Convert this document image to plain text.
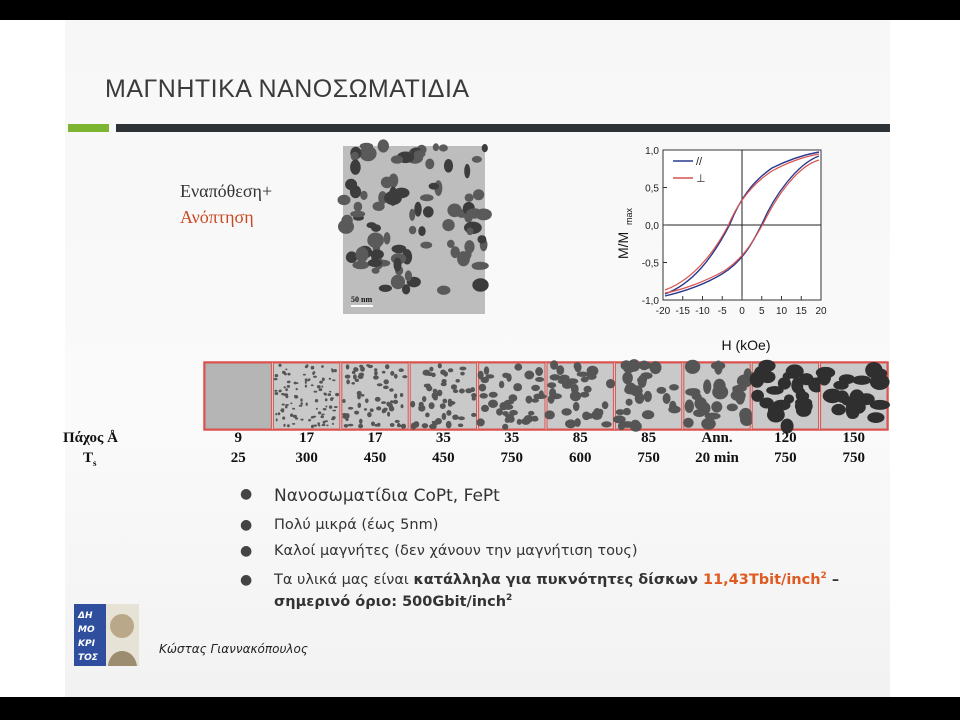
ΜΑΓΝΗΤΙΚΑ ΝΑΝΟΣΩΜΑΤΙΔΙΑ
Εναπόθεση+
Ανόπτηση
50 nm
1,0
0,5
0,0
-0,5
-1,0
-20 -15 -10 -5 0 5 10 15 20
//
⊥
H (kOe)
M/M
max
Πάχος Å
$T_s$
9
25
17
300
17
450
35
450
35
750
85
600
85
750
Ann.
20 min
120
750
150
750
● Νανοσωματίδια CoPt, FePt
● Πολύ μικρά (έως 5nm)
● Καλοί μαγνήτες (δεν χάνουν την μαγνήτιση τους)
● Τα υλικά μας είναι κατάλληλα για πυκνότητες δίσκων 11,43Tbit/inch$^2$ –
σημερινό όριο: 500Gbit/inch$^2$
ΔΗ
ΜΟ
ΚΡΙ
ΤΟΣ
Κώστας Γιαννακόπουλος
